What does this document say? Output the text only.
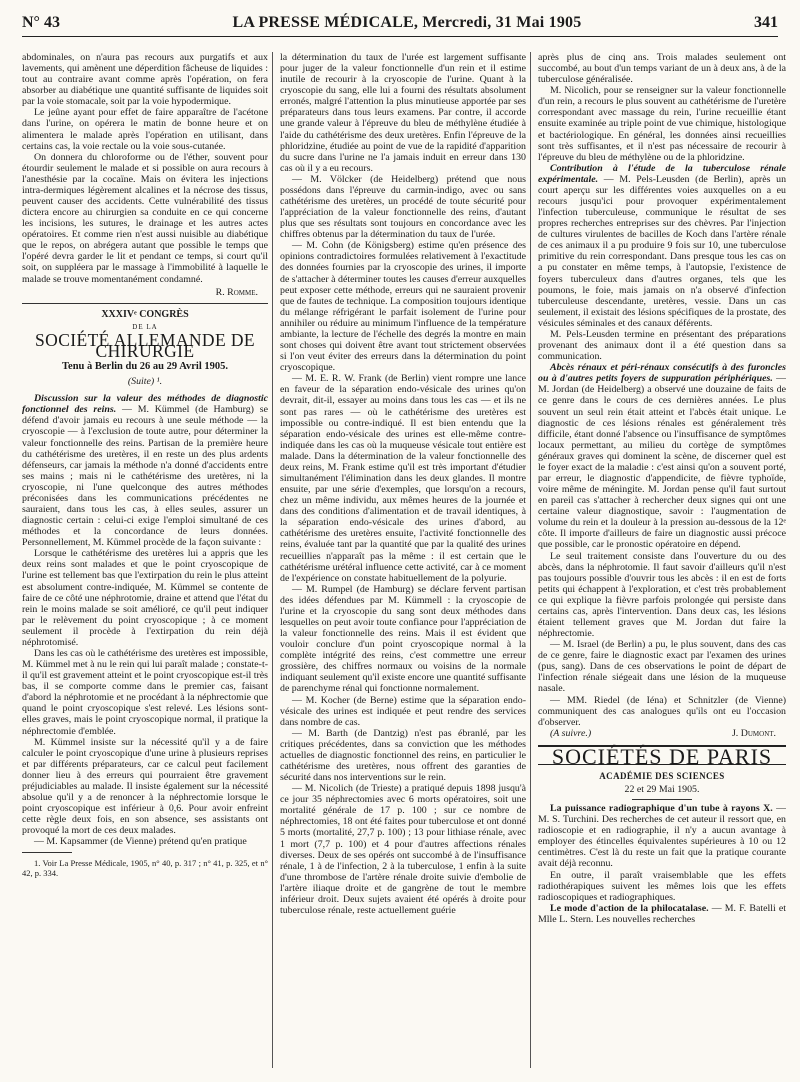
N° 43	LA PRESSE MÉDICALE, Mercredi, 31 Mai 1905	341

abdominales, on n'aura pas recours aux purgatifs et aux lavements, qui amènent une déperdition fâcheuse de liquides : tout au contraire avant comme après l'opération, on fera absorber au diabétique une quantité suffisante de liquides soit par la voie stomacale, soit par la voie hypodermique.

Le jeûne ayant pour effet de faire apparaître de l'acétone dans l'urine, on opérera le matin de bonne heure et on alimentera le malade après l'opération en utilisant, dans certains cas, la voie rectale ou la voie sous-cutanée.

On donnera du chloroforme ou de l'éther, souvent pour étourdir seulement le malade et si possible on aura recours à l'anesthésie par la cocaïne. Mais on évitera les injections intra-dermiques légèrement alcalines et la nécrose des tissus, peuvent causer des accidents. Cette vulnérabilité des tissus dictera encore au chirurgien sa conduite en ce qui concerne les incisions, les sutures, le drainage et les autres actes opératoires. Et comme rien n'est aussi nuisible au diabétique que le repos, on abrégera autant que possible le temps que l'opéré devra garder le lit et pendant ce temps, si court qu'il soit, on suppléera par le massage à l'immobilité à laquelle le malade se trouve momentanément condamné.

R. Romme.
XXXIVᵉ CONGRÈS
DE LA
SOCIÉTÉ ALLEMANDE DE CHIRURGIE
Tenu à Berlin du 26 au 29 Avril 1905.
(Suite) ¹.

Discussion sur la valeur des méthodes de diagnostic fonctionnel des reins. — M. Kümmel (de Hamburg) se défend d'avoir jamais eu recours à une seule méthode — la cryoscopie — à l'exclusion de toute autre, pour déterminer la valeur fonctionnelle des reins. Partisan de la première heure du cathétérisme des uretères, il en reste un des plus ardents défenseurs, car jamais la méthode n'a donné d'accidents entre ses mains ; mais ni le cathétérisme des uretères, ni la cryoscopie, ni l'une quelconque des autres méthodes préconisées dans les communications précédentes ne sauraient, dans tous les cas, à elles seules, assurer un diagnostic certain : celui-ci exige l'emploi simultané de ces méthodes et la concordance de leurs données. Personnellement, M. Kümmel procède de la façon suivante :

Lorsque le cathétérisme des uretères lui a appris que les deux reins sont malades et que le point cryoscopique de l'urine est tellement bas que l'extirpation du rein le plus atteint est absolument contre-indiquée, M. Kümmel se contente de faire de ce côté une néphrotomie, draine et attend que l'état du rein le moins malade se soit amélioré, ce qu'il peut indiquer par le relèvement du point cryoscopique ; à ce moment seulement il procède à l'extirpation du rein déjà néphrotomisé.

Dans les cas où le cathétérisme des uretères est impossible, M. Kümmel met à nu le rein qui lui paraît malade ; constate-t-il qu'il est gravement atteint et le point cryoscopique est-il très bas, il se comporte comme dans le premier cas, faisant d'abord la néphrotomie et ne procédant à la néphrectomie que quand le point cryoscopique s'est relevé. Les lésions sont-elles graves, mais le point cryoscopique normal, il pratique la néphrectomie d'emblée.

M. Kümmel insiste sur la nécessité qu'il y a de faire calculer le point cryoscopique d'une urine à plusieurs reprises et par différents préparateurs, car ce calcul peut facilement donner lieu à des erreurs qui pourraient être gravement préjudiciables au malade. Il insiste également sur la nécessité absolue qu'il y a de renoncer à la néphrectomie lorsque le point cryoscopique est inférieur à 0,6. Pour avoir enfreint cette règle deux fois, en son absence, ses assistants ont provoqué la mort de ces deux malades.

— M. Kapsammer (de Vienne) prétend qu'en pratique

1. Voir La Presse Médicale, 1905, n° 40, p. 317 ; n° 41, p. 325, et n° 42, p. 334.

la détermination du taux de l'urée est largement suffisante pour juger de la valeur fonctionnelle d'un rein et il estime inutile de recourir à la cryoscopie de l'urine. Quant à la cryoscopie du sang, elle lui a fourni des résultats absolument erronés, malgré l'attention la plus minutieuse apportée par ses préparateurs dans tous leurs examens. Par contre, il accorde une grande valeur à l'épreuve du bleu de méthylène étudiée à l'aide du cathétérisme des deux uretères. Enfin l'épreuve de la phloridzine, étudiée au point de vue de la rapidité d'apparition du sucre dans l'urine ne l'a jamais induit en erreur dans 130 cas où il y a eu recours.

— M. Völcker (de Heidelberg) prétend que nous possédons dans l'épreuve du carmin-indigo, avec ou sans cathétérisme des uretères, un procédé de toute sécurité pour l'appréciation de la valeur fonctionnelle des reins, d'autant plus que ses résultats sont toujours en concordance avec les chiffres obtenus par la détermination du taux de l'urée.

— M. Cohn (de Königsberg) estime qu'en présence des opinions contradictoires formulées relativement à l'exactitude des données fournies par la cryoscopie des urines, il importe de s'attacher à déterminer toutes les causes d'erreur auxquelles peut exposer cette méthode, erreurs qui ne sauraient provenir que de fautes de technique. La composition toujours identique du mélange réfrigérant le parfait isolement de l'urine pour annihiler ou réduire au minimum l'influence de la température ambiante, la lecture de l'échelle des degrés la montre en main sont choses qui doivent être avant tout strictement observées si l'on veut éviter des erreurs dans la détermination du point cryoscopique.

— M. E. R. W. Frank (de Berlin) vient rompre une lance en faveur de la séparation endo-vésicale des urines qu'on devrait, dit-il, essayer au moins dans tous les cas — et ils ne sont pas rares — où le cathétérisme des uretères est impossible ou contre-indiqué. Il est bien entendu que la séparation endo-vésicale des urines est elle-même contre-indiquée dans les cas où la muqueuse vésicale tout entière est malade. Dans la détermination de la valeur fonctionnelle des deux reins, M. Frank estime qu'il est très important d'étudier simultanément l'élimination dans les deux glandes. Il montre ensuite, par une série d'exemples, que lorsqu'on a recours, chez un même individu, aux mêmes heures de la journée et dans des conditions d'alimentation et de travail identiques, à la séparation endo-vésicale des urines d'abord, au cathétérisme des uretères ensuite, l'activité fonctionnelle des reins, évaluée tant par la quantité que par la qualité des urines recueillies n'apparaît pas la même : il est certain que le cathétérisme urétéral influence cette activité, car à ce moment de l'expérience on constate habituellement de la polyurie.

— M. Rumpel (de Hamburg) se déclare fervent partisan des idées défendues par M. Kümmell : la cryoscopie de l'urine et la cryoscopie du sang sont deux méthodes dans lesquelles on peut avoir toute confiance pour l'appréciation de la valeur fonctionnelle des reins. Mais il est évident que vouloir conclure d'un point cryoscopique normal à la complète intégrité des reins, c'est commettre une erreur grossière, des chiffres normaux ou voisins de la normale indiquant seulement qu'il existe encore une quantité suffisante de parenchyme rénal qui fonctionne normalement.

— M. Kocher (de Berne) estime que la séparation endo-vésicale des urines est indiquée et peut rendre des services dans nombre de cas.

— M. Barth (de Dantzig) n'est pas ébranlé, par les critiques précédentes, dans sa conviction que les méthodes actuelles de diagnostic fonctionnel des reins, en particulier le cathétérisme des uretères, nous offrent des garanties de sécurité dans nos interventions sur le rein.

— M. Nicolich (de Trieste) a pratiqué depuis 1898 jusqu'à ce jour 35 néphrectomies avec 6 morts opératoires, soit une mortalité générale de 17 p. 100 ; sur ce nombre de néphrectomies, 18 ont été faites pour tuberculose et ont donné 5 morts (mortalité, 27,7 p. 100) ; 13 pour lithiase rénale, avec 1 mort (7,7 p. 100) et 4 pour d'autres affections rénales diverses. Deux de ses opérés ont succombé à de l'insuffisance rénale, 1 à de l'infection, 2 à la tuberculose, 1 enfin à la suite d'une thrombose de l'artère rénale droite suivie d'embolie de l'artère iliaque droite et de gangrène de tout le membre inférieur droit. Deux sujets avaient été opérés à droite pour tuberculose rénale, reste actuellement guérie

après plus de cinq ans. Trois malades seulement ont succombé, au bout d'un temps variant de un à deux ans, à de la tuberculose généralisée.

M. Nicolich, pour se renseigner sur la valeur fonctionnelle d'un rein, a recours le plus souvent au cathétérisme de l'uretère correspondant avec massage du rein, l'urine recueillie étant ensuite examinée au triple point de vue chimique, histologique et bactériologique. En général, les données ainsi recueillies sont très suffisantes, et il n'est pas nécessaire de recourir à l'épreuve du bleu de méthylène ou de la phloridzine.

Contribution à l'étude de la tuberculose rénale expérimentale. — M. Pels-Leusden (de Berlin), après un court aperçu sur les différentes voies auxquelles on a eu recours jusqu'ici pour provoquer expérimentalement l'infection tuberculeuse, communique le résultat de ses propres recherches entreprises sur des chèvres. Par l'injection de cultures virulentes de bacilles de Koch dans l'artère rénale de ces animaux il a pu produire 9 fois sur 10, une tuberculose primitive du rein correspondant. Dans presque tous les cas on a pu constater en même temps, à l'autopsie, l'existence de foyers tuberculeux dans d'autres organes, tels que les poumons, le foie, mais jamais on n'a observé d'infection tuberculeuse descendante, uretères, vessie. Dans un cas seulement, il existait des lésions spécifiques de la prostate, des vésicules séminales et des canaux déférents.

M. Pels-Leusden termine en présentant des préparations provenant des animaux dont il a été question dans sa communication.

Abcès rénaux et péri-rénaux consécutifs à des furoncles ou à d'autres petits foyers de suppuration périphériques. — M. Jordan (de Heidelberg) a observé une douzaine de faits de ce genre dans le cours de ces dernières années. Le plus souvent un seul rein était atteint et l'abcès était unique. Le diagnostic de ces lésions rénales est généralement très difficile, étant donné l'absence ou l'insuffisance de symptômes locaux permettant, au milieu du cortège de symptômes généraux graves qui dominent la scène, de discerner quel est le foyer exact de la maladie : c'est ainsi qu'on a souvent porté, par erreur, le diagnostic d'appendicite, de fièvre typhoïde, voire même de méningite. M. Jordan pense qu'il faut surtout en pareil cas s'attacher à rechercher deux signes qui ont une certaine valeur diagnostique, savoir : l'augmentation de volume du rein et la douleur à la pression au-dessous de la 12ᵉ côte. Il importe d'ailleurs de faire un diagnostic aussi précoce que possible, car le pronostic opératoire en dépend.

Le seul traitement consiste dans l'ouverture du ou des abcès, dans la néphrotomie. Il faut savoir d'ailleurs qu'il n'est pas toujours possible d'ouvrir tous les abcès : il en est de forts petits qui échappent à l'exploration, et c'est très probablement ce qui explique la fièvre parfois prolongée qui persiste dans certains cas, après l'intervention. Dans deux cas, les lésions étaient tellement graves que M. Jordan dut faire la néphrectomie.

— M. Israel (de Berlin) a pu, le plus souvent, dans des cas de ce genre, faire le diagnostic exact par l'examen des urines (pus, sang). Dans de ces observations le point de départ de l'infection rénale siégeait dans une lésion de la muqueuse nasale.

— MM. Riedel (de Iéna) et Schnitzler (de Vienne) communiquent des cas analogues qu'ils ont eu l'occasion d'observer.

(A suivre.)	J. Dumont.
SOCIÉTÉS DE PARIS
ACADÉMIE DES SCIENCES
22 et 29 Mai 1905.

La puissance radiographique d'un tube à rayons X. — M. S. Turchini. Des recherches de cet auteur il ressort que, en radioscopie et en radiographie, il n'y a aucun avantage à employer des étincelles équivalentes supérieures à 10 ou 12 centimètres. C'est là du reste un fait que la pratique courante avait déjà reconnu.

En outre, il paraît vraisemblable que les effets radiothérapiques suivent les mêmes lois que les effets radioscopiques et radiographiques.

Le mode d'action de la philocatalase. — M. F. Batelli et Mlle L. Stern. Les nouvelles recherches
